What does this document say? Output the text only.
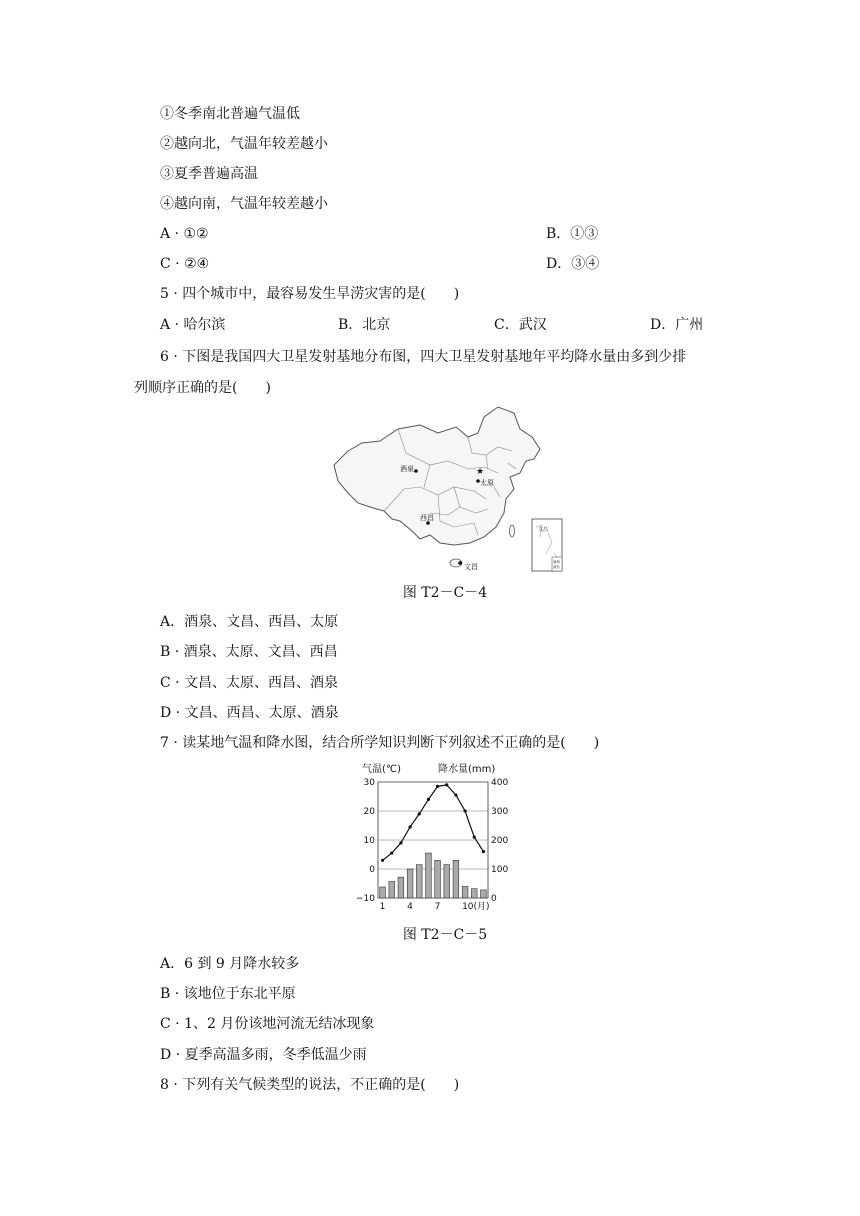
①冬季南北普遍气温低
②越向北，气温年较差越小
③夏季普遍高温
④越向南，气温年较差越小
A · ①②	B．①③
C · ②④	D．③④
5 · 四个城市中，最容易发生旱涝灾害的是(　　)
A · 哈尔滨	B．北京	C．武汉	D．广州
6 · 下图是我国四大卫星发射基地分布图，四大卫星发射基地年平均降水量由多到少排
列顺序正确的是(　　)
★
酒泉
太原
西昌
文昌
文昌
南海
诸岛
图 T2－C－4
A．酒泉、文昌、西昌、太原
B · 酒泉、太原、文昌、西昌
C · 文昌、太原、西昌、酒泉
D · 文昌、西昌、太原、酒泉
7 · 读某地气温和降水图，结合所学知识判断下列叙述不正确的是(　　)
气温(℃)	降水量(mm)
30
20
10
0
−10
400
300
200
100
0
1 4 7 10(月)
图 T2－C－5
A．6 到 9 月降水较多
B · 该地位于东北平原
C · 1、2 月份该地河流无结冰现象
D · 夏季高温多雨，冬季低温少雨
8 · 下列有关气候类型的说法，不正确的是(　　)
